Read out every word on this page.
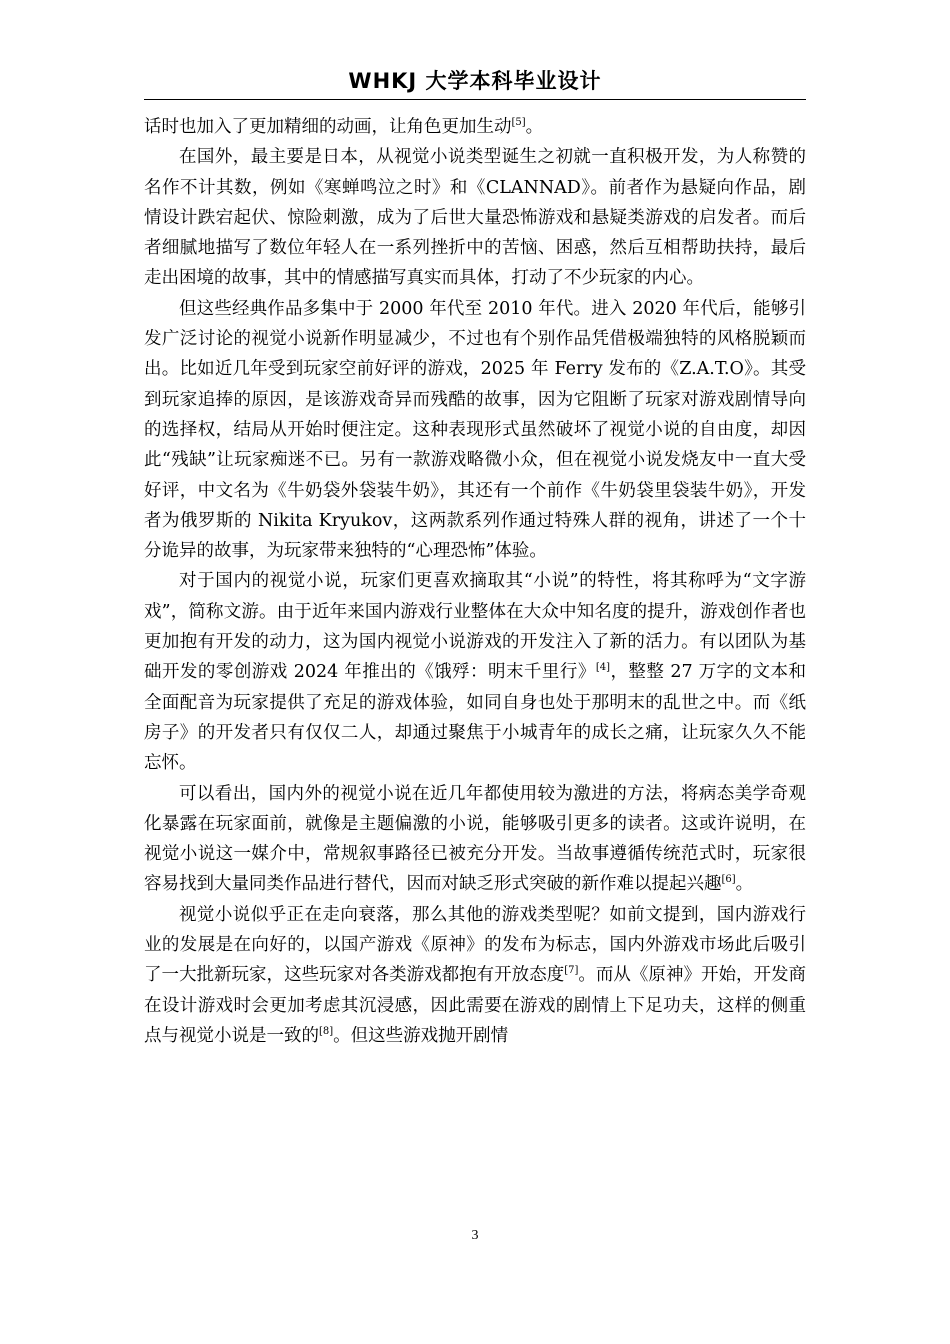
WHKJ 大学本科毕业设计

话时也加入了更加精细的动画，让角色更加生动[5]。

在国外，最主要是日本，从视觉小说类型诞生之初就一直积极开发，为人称赞的名作不计其数，例如《寒蝉鸣泣之时》和《CLANNAD》。前者作为悬疑向作品，剧情设计跌宕起伏、惊险刺激，成为了后世大量恐怖游戏和悬疑类游戏的启发者。而后者细腻地描写了数位年轻人在一系列挫折中的苦恼、困惑，然后互相帮助扶持，最后走出困境的故事，其中的情感描写真实而具体，打动了不少玩家的内心。

但这些经典作品多集中于 2000 年代至 2010 年代。进入 2020 年代后，能够引发广泛讨论的视觉小说新作明显减少，不过也有个别作品凭借极端独特的风格脱颖而出。比如近几年受到玩家空前好评的游戏，2025 年 Ferry 发布的《Z.A.T.O》。其受到玩家追捧的原因，是该游戏奇异而残酷的故事，因为它阻断了玩家对游戏剧情导向的选择权，结局从开始时便注定。这种表现形式虽然破坏了视觉小说的自由度，却因此“残缺”让玩家痴迷不已。另有一款游戏略微小众，但在视觉小说发烧友中一直大受好评，中文名为《牛奶袋外袋装牛奶》，其还有一个前作《牛奶袋里袋装牛奶》，开发者为俄罗斯的 Nikita Kryukov，这两款系列作通过特殊人群的视角，讲述了一个十分诡异的故事，为玩家带来独特的“心理恐怖”体验。

对于国内的视觉小说，玩家们更喜欢摘取其“小说”的特性，将其称呼为“文字游戏”，简称文游。由于近年来国内游戏行业整体在大众中知名度的提升，游戏创作者也更加抱有开发的动力，这为国内视觉小说游戏的开发注入了新的活力。有以团队为基础开发的零创游戏 2024 年推出的《饿殍：明末千里行》[4]，整整 27 万字的文本和全面配音为玩家提供了充足的游戏体验，如同自身也处于那明末的乱世之中。而《纸房子》的开发者只有仅仅二人，却通过聚焦于小城青年的成长之痛，让玩家久久不能忘怀。

可以看出，国内外的视觉小说在近几年都使用较为激进的方法，将病态美学奇观化暴露在玩家面前，就像是主题偏激的小说，能够吸引更多的读者。这或许说明，在视觉小说这一媒介中，常规叙事路径已被充分开发。当故事遵循传统范式时，玩家很容易找到大量同类作品进行替代，因而对缺乏形式突破的新作难以提起兴趣[6]。

视觉小说似乎正在走向衰落，那么其他的游戏类型呢？如前文提到，国内游戏行业的发展是在向好的，以国产游戏《原神》的发布为标志，国内外游戏市场此后吸引了一大批新玩家，这些玩家对各类游戏都抱有开放态度[7]。而从《原神》开始，开发商在设计游戏时会更加考虑其沉浸感，因此需要在游戏的剧情上下足功夫，这样的侧重点与视觉小说是一致的[8]。但这些游戏抛开剧情

3
